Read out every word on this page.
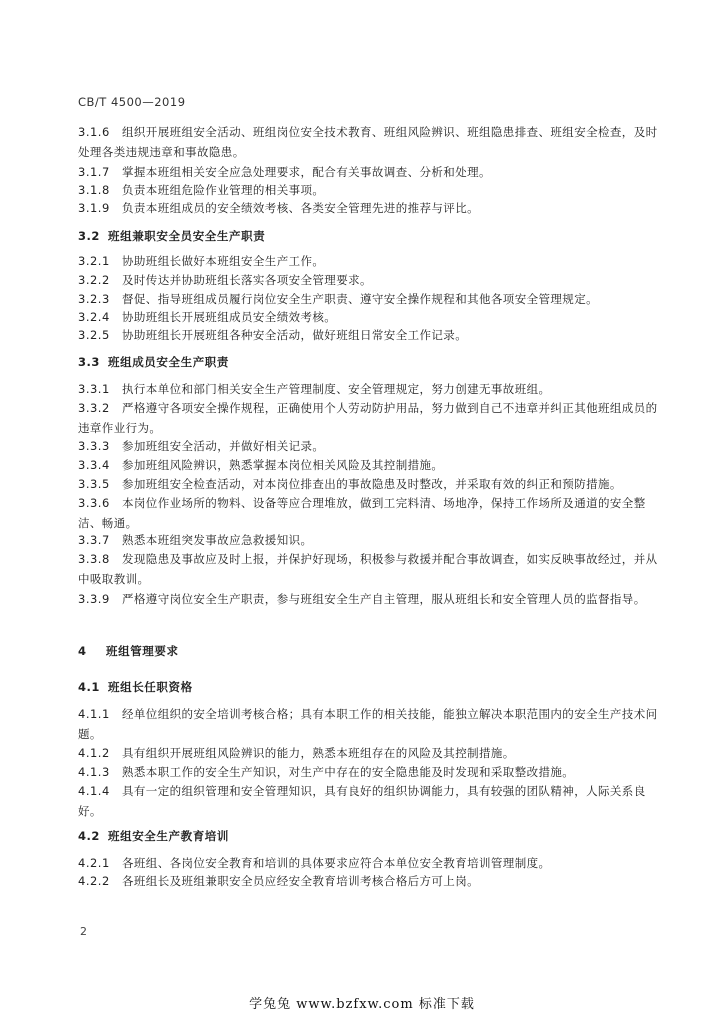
CB/T 4500—2019
3.1.6 组织开展班组安全活动、班组岗位安全技术教育、班组风险辨识、班组隐患排查、班组安全检查，及时处理各类违规违章和事故隐患。
3.1.7 掌握本班组相关安全应急处理要求，配合有关事故调查、分析和处理。
3.1.8 负责本班组危险作业管理的相关事项。
3.1.9 负责本班组成员的安全绩效考核、各类安全管理先进的推荐与评比。
3.2 班组兼职安全员安全生产职责
3.2.1 协助班组长做好本班组安全生产工作。
3.2.2 及时传达并协助班组长落实各项安全管理要求。
3.2.3 督促、指导班组成员履行岗位安全生产职责、遵守安全操作规程和其他各项安全管理规定。
3.2.4 协助班组长开展班组成员安全绩效考核。
3.2.5 协助班组长开展班组各种安全活动，做好班组日常安全工作记录。
3.3 班组成员安全生产职责
3.3.1 执行本单位和部门相关安全生产管理制度、安全管理规定，努力创建无事故班组。
3.3.2 严格遵守各项安全操作规程，正确使用个人劳动防护用品，努力做到自己不违章并纠正其他班组成员的违章作业行为。
3.3.3 参加班组安全活动，并做好相关记录。
3.3.4 参加班组风险辨识，熟悉掌握本岗位相关风险及其控制措施。
3.3.5 参加班组安全检查活动，对本岗位排查出的事故隐患及时整改，并采取有效的纠正和预防措施。
3.3.6 本岗位作业场所的物料、设备等应合理堆放，做到工完料清、场地净，保持工作场所及通道的安全整洁、畅通。
3.3.7 熟悉本班组突发事故应急救援知识。
3.3.8 发现隐患及事故应及时上报，并保护好现场，积极参与救援并配合事故调查，如实反映事故经过，并从中吸取教训。
3.3.9 严格遵守岗位安全生产职责，参与班组安全生产自主管理，服从班组长和安全管理人员的监督指导。
4 班组管理要求
4.1 班组长任职资格
4.1.1 经单位组织的安全培训考核合格；具有本职工作的相关技能，能独立解决本职范围内的安全生产技术问题。
4.1.2 具有组织开展班组风险辨识的能力，熟悉本班组存在的风险及其控制措施。
4.1.3 熟悉本职工作的安全生产知识，对生产中存在的安全隐患能及时发现和采取整改措施。
4.1.4 具有一定的组织管理和安全管理知识，具有良好的组织协调能力，具有较强的团队精神，人际关系良好。
4.2 班组安全生产教育培训
4.2.1 各班组、各岗位安全教育和培训的具体要求应符合本单位安全教育培训管理制度。
4.2.2 各班组长及班组兼职安全员应经安全教育培训考核合格后方可上岗。
2
学兔兔 www.bzfxw.com 标准下载
